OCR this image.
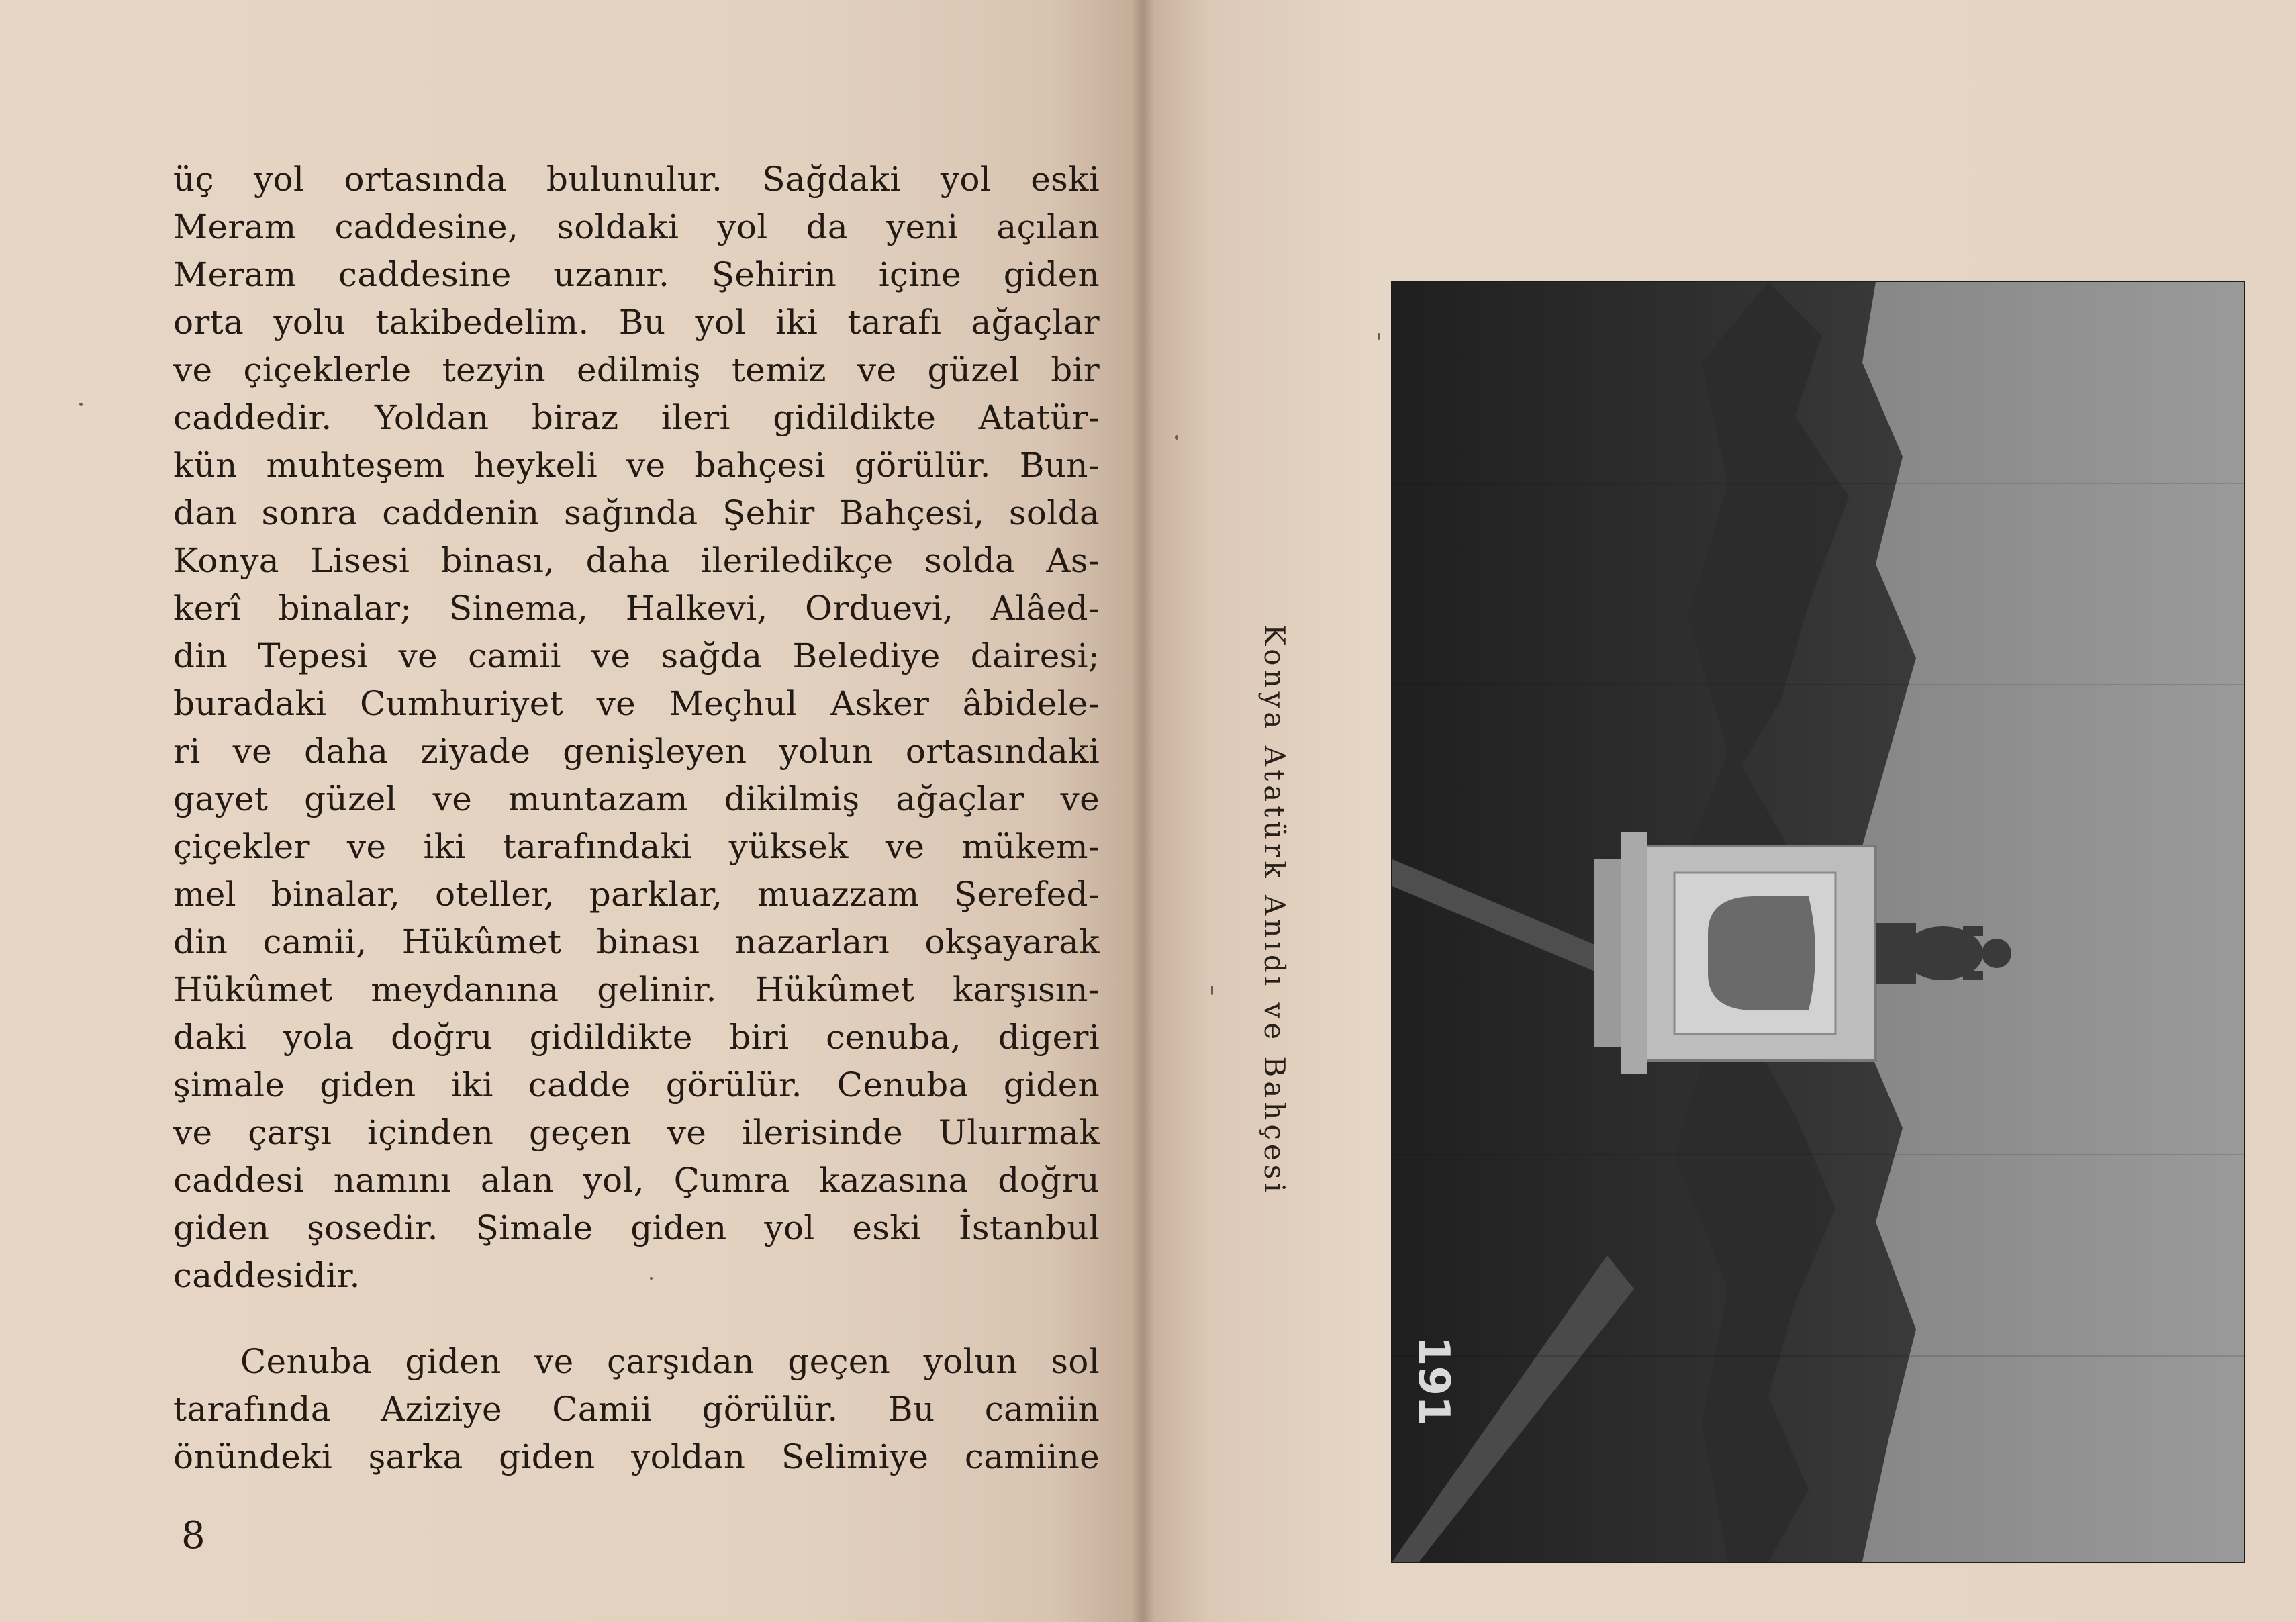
üç yol ortasında bulunulur. Sağdaki yol eski
Meram caddesine, soldaki yol da yeni açılan
Meram caddesine uzanır. Şehirin içine giden
orta yolu takibedelim. Bu yol iki tarafı ağaçlar
ve çiçeklerle tezyin edilmiş temiz ve güzel bir
caddedir. Yoldan biraz ileri gidildikte Atatür-
kün muhteşem heykeli ve bahçesi görülür. Bun-
dan sonra caddenin sağında Şehir Bahçesi, solda
Konya Lisesi binası, daha ileriledikçe solda As-
kerî binalar; Sinema, Halkevi, Orduevi, Alâed-
din Tepesi ve camii ve sağda Belediye dairesi;
buradaki Cumhuriyet ve Meçhul Asker âbidele-
ri ve daha ziyade genişleyen yolun ortasındaki
gayet güzel ve muntazam dikilmiş ağaçlar ve
çiçekler ve iki tarafındaki yüksek ve mükem-
mel binalar, oteller, parklar, muazzam Şerefed-
din camii, Hükûmet binası nazarları okşayarak
Hükûmet meydanına gelinir. Hükûmet karşısın-
daki yola doğru gidildikte biri cenuba, digeri
şimale giden iki cadde görülür. Cenuba giden
ve çarşı içinden geçen ve ilerisinde Uluırmak
caddesi namını alan yol, Çumra kazasına doğru
giden şosedir. Şimale giden yol eski İstanbul
caddesidir.
Cenuba giden ve çarşıdan geçen yolun sol
tarafında Aziziye Camii görülür. Bu camiin
önündeki şarka giden yoldan Selimiye camiine
8
Konya Atatürk Anıdı ve Bahçesi
191
